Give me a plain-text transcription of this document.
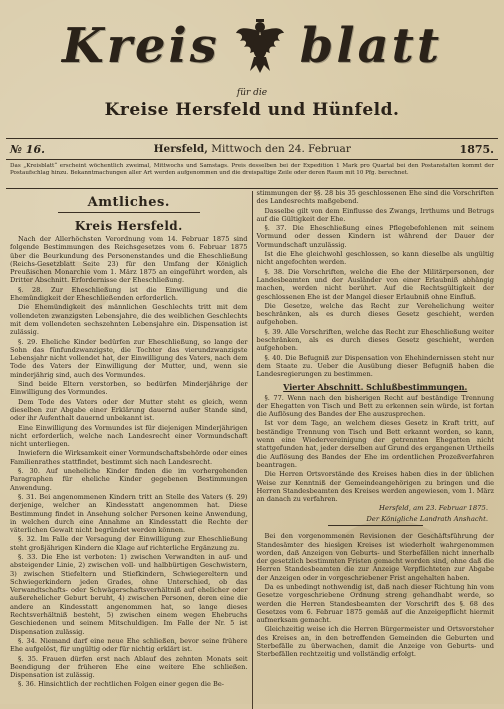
Kreis blatt
für die
Kreise Hersfeld und Hünfeld.
№ 16.	Hersfeld, Mittwoch den 24. Februar	1875.
Das „Kreisblatt“ erscheint wöchentlich zweimal, Mittwochs und Samstags. Preis desselben bei der Expedition 1 Mark pro Quartal bei den Postanstalten kommt der Postaufschlag hinzu. Bekanntmachungen aller Art werden aufgenommen und die dreispaltige Zeile oder deren Raum mit 10 Pfg. berechnet.
Amtliches.
Kreis Hersfeld.

Nach der Allerhöchsten Verordnung vom 14. Februar 1875 sind folgende Bestimmungen des Reichsgesetzes vom 6. Februar 1875 über die Beurkundung des Personenstandes und die Eheschließung (Reichs-Gesetzblatt Seite 23) für den Umfang der Königlich Preußischen Monarchie vom 1. März 1875 an eingeführt worden, als Dritter Abschnitt. Erfordernisse der Eheschließung.

§. 28. Zur Eheschließung ist die Einwilligung und die Ehemündigkeit der Eheschließenden erforderlich.

Die Ehemündigkeit des männlichen Geschlechts tritt mit dem vollendeten zwanzigsten Lebensjahre, die des weiblichen Geschlechts mit dem vollendeten sechszehnten Lebensjahre ein. Dispensation ist zulässig.

§. 29. Eheliche Kinder bedürfen zur Eheschließung, so lange der Sohn das fünfundzwanzigste, die Tochter das vierundzwanzigste Lebensjahr nicht vollendet hat, der Einwilligung des Vaters, nach dem Tode des Vaters der Einwilligung der Mutter, und, wenn sie minderjährig sind, auch des Vormundes.

Sind beide Eltern verstorben, so bedürfen Minderjährige der Einwilligung des Vormundes.

Dem Tode des Vaters oder der Mutter steht es gleich, wenn dieselben zur Abgabe einer Erklärung dauernd außer Stande sind, oder ihr Aufenthalt dauernd unbekannt ist.

Eine Einwilligung des Vormundes ist für diejenigen Minderjährigen nicht erforderlich, welche nach Landesrecht einer Vormundschaft nicht unterliegen.

Inwiefern die Wirksamkeit einer Vormundschaftsbehörde oder eines Familienrathes stattfindet, bestimmt sich nach Landesrecht.

§. 30. Auf uneheliche Kinder finden die im vorhergehenden Paragraphen für eheliche Kinder gegebenen Bestimmungen Anwendung.

§. 31. Bei angenommenen Kindern tritt an Stelle des Vaters (§. 29) derjenige, welcher an Kindesstatt angenommen hat. Diese Bestimmung findet in Ansehung solcher Personen keine Anwendung, in welchen durch eine Annahme an Kindesstatt die Rechte der väterlichen Gewalt nicht begründet werden können.

§. 32. Im Falle der Versagung der Einwilligung zur Eheschließung steht großjährigen Kindern die Klage auf richterliche Ergänzung zu.

§. 33. Die Ehe ist verboten: 1) zwischen Verwandten in auf- und absteigender Linie, 2) zwischen voll- und halbbürtigen Geschwistern, 3) zwischen Stiefeltern und Stiefkindern, Schwiegereltern und Schwiegerkindern jeden Grades, ohne Unterschied, ob das Verwandtschafts- oder Schwägerschaftsverhältniß auf ehelicher oder außerehelicher Geburt beruht, 4) zwischen Personen, deren eine die andere an Kindesstatt angenommen hat, so lange dieses Rechtsverhältniß besteht, 5) zwischen einem wegen Ehebruchs Geschiedenen und seinem Mitschuldigen. Im Falle der Nr. 5 ist Dispensation zulässig.

§. 34. Niemand darf eine neue Ehe schließen, bevor seine frühere Ehe aufgelöst, für ungültig oder für nichtig erklärt ist.

§. 35. Frauen dürfen erst nach Ablauf des zehnten Monats seit Beendigung der früheren Ehe eine weitere Ehe schließen. Dispensation ist zulässig.

§. 36. Hinsichtlich der rechtlichen Folgen einer gegen die Be-

stimmungen der §§. 28 bis 35 geschlossenen Ehe sind die Vorschriften des Landesrechts maßgebend.

Dasselbe gilt von dem Einflusse des Zwangs, Irrthums und Betrugs auf die Gültigkeit der Ehe.

§. 37. Die Eheschließung eines Pflegebefohlenen mit seinem Vormund oder dessen Kindern ist während der Dauer der Vormundschaft unzulässig.

Ist die Ehe gleichwohl geschlossen, so kann dieselbe als ungültig nicht angefochten werden.

§. 38. Die Vorschriften, welche die Ehe der Militärpersonen, der Landesbeamten und der Ausländer von einer Erlaubniß abhängig machen, werden nicht berührt. Auf die Rechtsgültigkeit der geschlossenen Ehe ist der Mangel dieser Erlaubniß ohne Einfluß.

Die Gesetze, welche das Recht zur Verehelichung weiter beschränken, als es durch dieses Gesetz geschieht, werden aufgehoben.

§. 39. Alle Vorschriften, welche das Recht zur Eheschließung weiter beschränken, als es durch dieses Gesetz geschieht, werden aufgehoben.

§. 40. Die Befugniß zur Dispensation von Ehehindernissen steht nur dem Staate zu. Ueber die Ausübung dieser Befugniß haben die Landesregierungen zu bestimmen.

Vierter Abschnitt. Schlußbestimmungen.

§. 77. Wenn nach den bisherigen Recht auf beständige Trennung der Ehegatten von Tisch und Bett zu erkennen sein würde, ist fortan die Auflösung des Bandes der Ehe auszusprechen.

Ist vor dem Tage, an welchem dieses Gesetz in Kraft tritt, auf beständige Trennung von Tisch und Bett erkannt worden, so kann, wenn eine Wiedervereinigung der getrennten Ehegatten nicht stattgefunden hat, jeder derselben auf Grund des ergangenen Urtheils die Auflösung des Bandes der Ehe im ordentlichen Prozeßverfahren beantragen.

Die Herren Ortsvorstände des Kreises haben dies in der üblichen Weise zur Kenntniß der Gemeindeangehörigen zu bringen und die Herren Standesbeamten des Kreises werden angewiesen, vom 1. März an danach zu verfahren.

Hersfeld, am 23. Februar 1875.
Der Königliche Landrath Anshacht.

Bei den vorgenommenen Revisionen der Geschäftsführung der Standesämter des hiesigen Kreises ist wiederholt wahrgenommen worden, daß Anzeigen von Geburts- und Sterbefällen nicht innerhalb der gesetzlich bestimmten Fristen gemacht worden sind, ohne daß die Herren Standesbeamten die zur Anzeige Verpflichteten zur Abgabe der Anzeigen oder in vorgeschriebener Frist angehalten haben.

Da es unbedingt nothwendig ist, daß nach dieser Richtung hin vom Gesetze vorgeschriebene Ordnung streng gehandhabt werde, so werden die Herren Standesbeamten der Vorschrift des §. 68 des Gesetzes vom 6. Februar 1875 gemäß auf die Anzeigepflicht hiermit aufmerksam gemacht.

Gleichzeitig weise ich die Herren Bürgermeister und Ortsvorsteher des Kreises an, in den betreffenden Gemeinden die Geburten und Sterbefälle zu überwachen, damit die Anzeige von Geburts- und Sterbefällen rechtzeitig und vollständig erfolgt.
